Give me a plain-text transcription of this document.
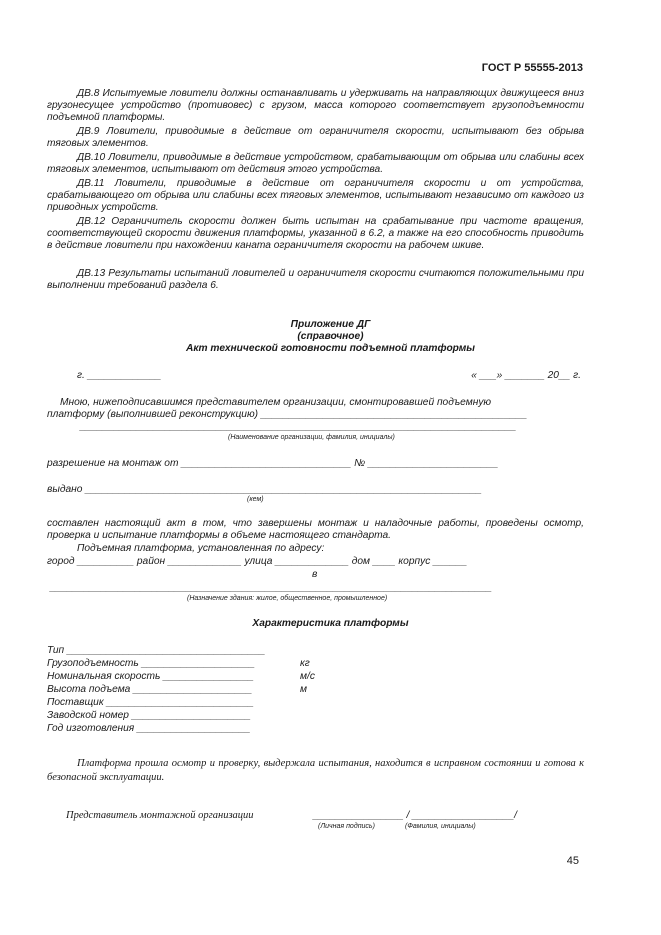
ГОСТ Р 55555-2013
ДВ.8 Испытуемые ловители должны останавливать и удерживать на направляющих движущееся вниз грузонесущее устройство (противовес) с грузом, масса которого соответствует грузоподъемности подъемной платформы.
ДВ.9 Ловители, приводимые в действие от ограничителя скорости, испытывают без обрыва тяговых элементов.
ДВ.10 Ловители, приводимые в действие устройством, срабатывающим от обрыва или слабины всех тяговых элементов, испытывают от действия этого устройства.
ДВ.11 Ловители, приводимые в действие от ограничителя скорости и от устройства, срабатывающего от обрыва или слабины всех тяговых элементов, испытывают независимо от каждого из приводных устройств.
ДВ.12 Ограничитель скорости должен быть испытан на срабатывание при частоте вращения, соответствующей скорости движения платформы, указанной в 6.2, а также на его способность приводить в действие ловители при нахождении каната ограничителя скорости на рабочем шкиве.
ДВ.13 Результаты испытаний ловителей и ограничителя скорости считаются положительными при выполнении требований раздела 6.
Приложение ДГ
(справочное)
Акт технической готовности подъемной платформы
г. _____________	« ___» _______ 20__ г.
Мною, нижеподписавшимся представителем организации, смонтировавшей подъемную
платформу (выполнившей реконструкцию) _______________________________________________
_____________________________________________________________________________
(Наименование организации, фамилия, инициалы)
разрешение на монтаж от ______________________________ № _______________________
выдано ______________________________________________________________________
(кем)
составлен настоящий акт в том, что завершены монтаж и наладочные работы, проведены осмотр, проверка и испытание платформы в объеме настоящего стандарта.
Подъемная платформа, установленная по адресу:
город __________ район _____________ улица _____________ дом ____ корпус ______
в
______________________________________________________________________________
(Назначение здания: жилое, общественное, промышленное)
Характеристика платформы
Тип ___________________________________
Грузоподъемность ____________________	кг
Номинальная скорость ________________	м/с
Высота подъема _____________________	м
Поставщик __________________________
Заводской номер _____________________
Год изготовления ____________________
Платформа прошла осмотр и проверку, выдержала испытания, находится в исправном состоянии и готова к безопасной эксплуатации.
Представитель монтажной организации	________________ / __________________/
(Личная подпись)	(Фамилия, инициалы)
45
